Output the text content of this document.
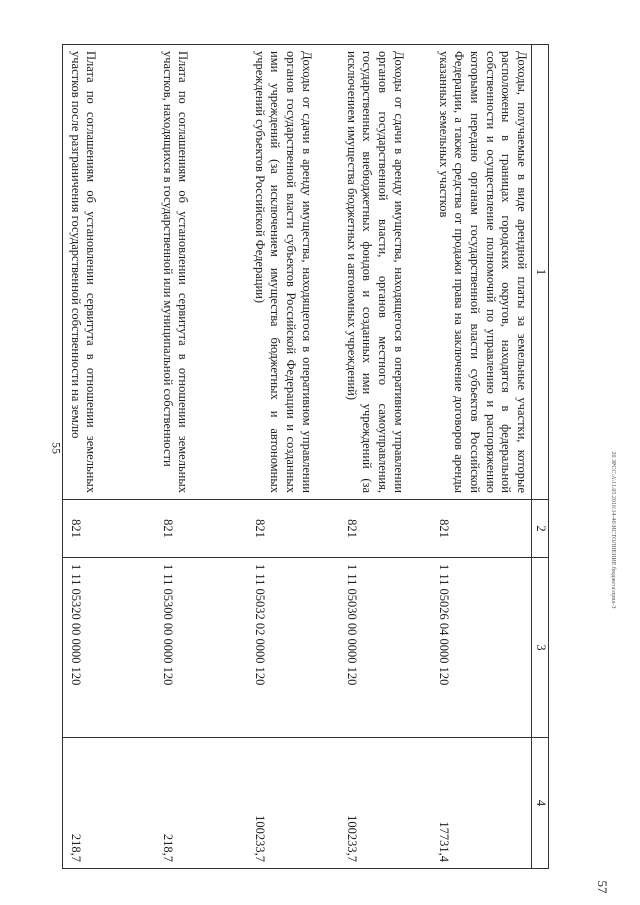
55
57
20 ЗРСС\А\11.05.2016\14-46\ИСТОЛНЕНИЕ бюджета\прил-3
1	2	3	4
Доходы, получаемые в виде арендной платы за земельные участки, которые расположены в границах городских округов, находятся в федеральной собственности и осуществление полномочий по управлению и распоряжению которыми передано органам государственной власти субъектов Российской Федерации, а также средства от продажи права на заключение договоров аренды указанных земельных участков	821	1 11 05026 04 0000 120	17731,4
Доходы от сдачи в аренду имущества, находящегося в оперативном управлении органов государственной власти, органов местного самоуправления, государственных внебюджетных фондов и созданных ими учреждений (за исключением имущества бюджетных и автономных учреждений)	821	1 11 05030 00 0000 120	100233,7
Доходы от сдачи в аренду имущества, находящегося в оперативном управлении органов государственной власти субъектов Российской Федерации и созданных ими учреждений (за исключением имущества бюджетных и автономных учреждений субъектов Российской Федерации)	821	1 11 05032 02 0000 120	100233,7
Плата по соглашениям об установлении сервитута в отношении земельных участков, находящихся в государственной или муниципальной собственности	821	1 11 05300 00 0000 120	218,7
Плата по соглашениям об установлении сервитута в отношении земельных участков после разграничения государственной собственности на землю	821	1 11 05320 00 0000 120	218,7
